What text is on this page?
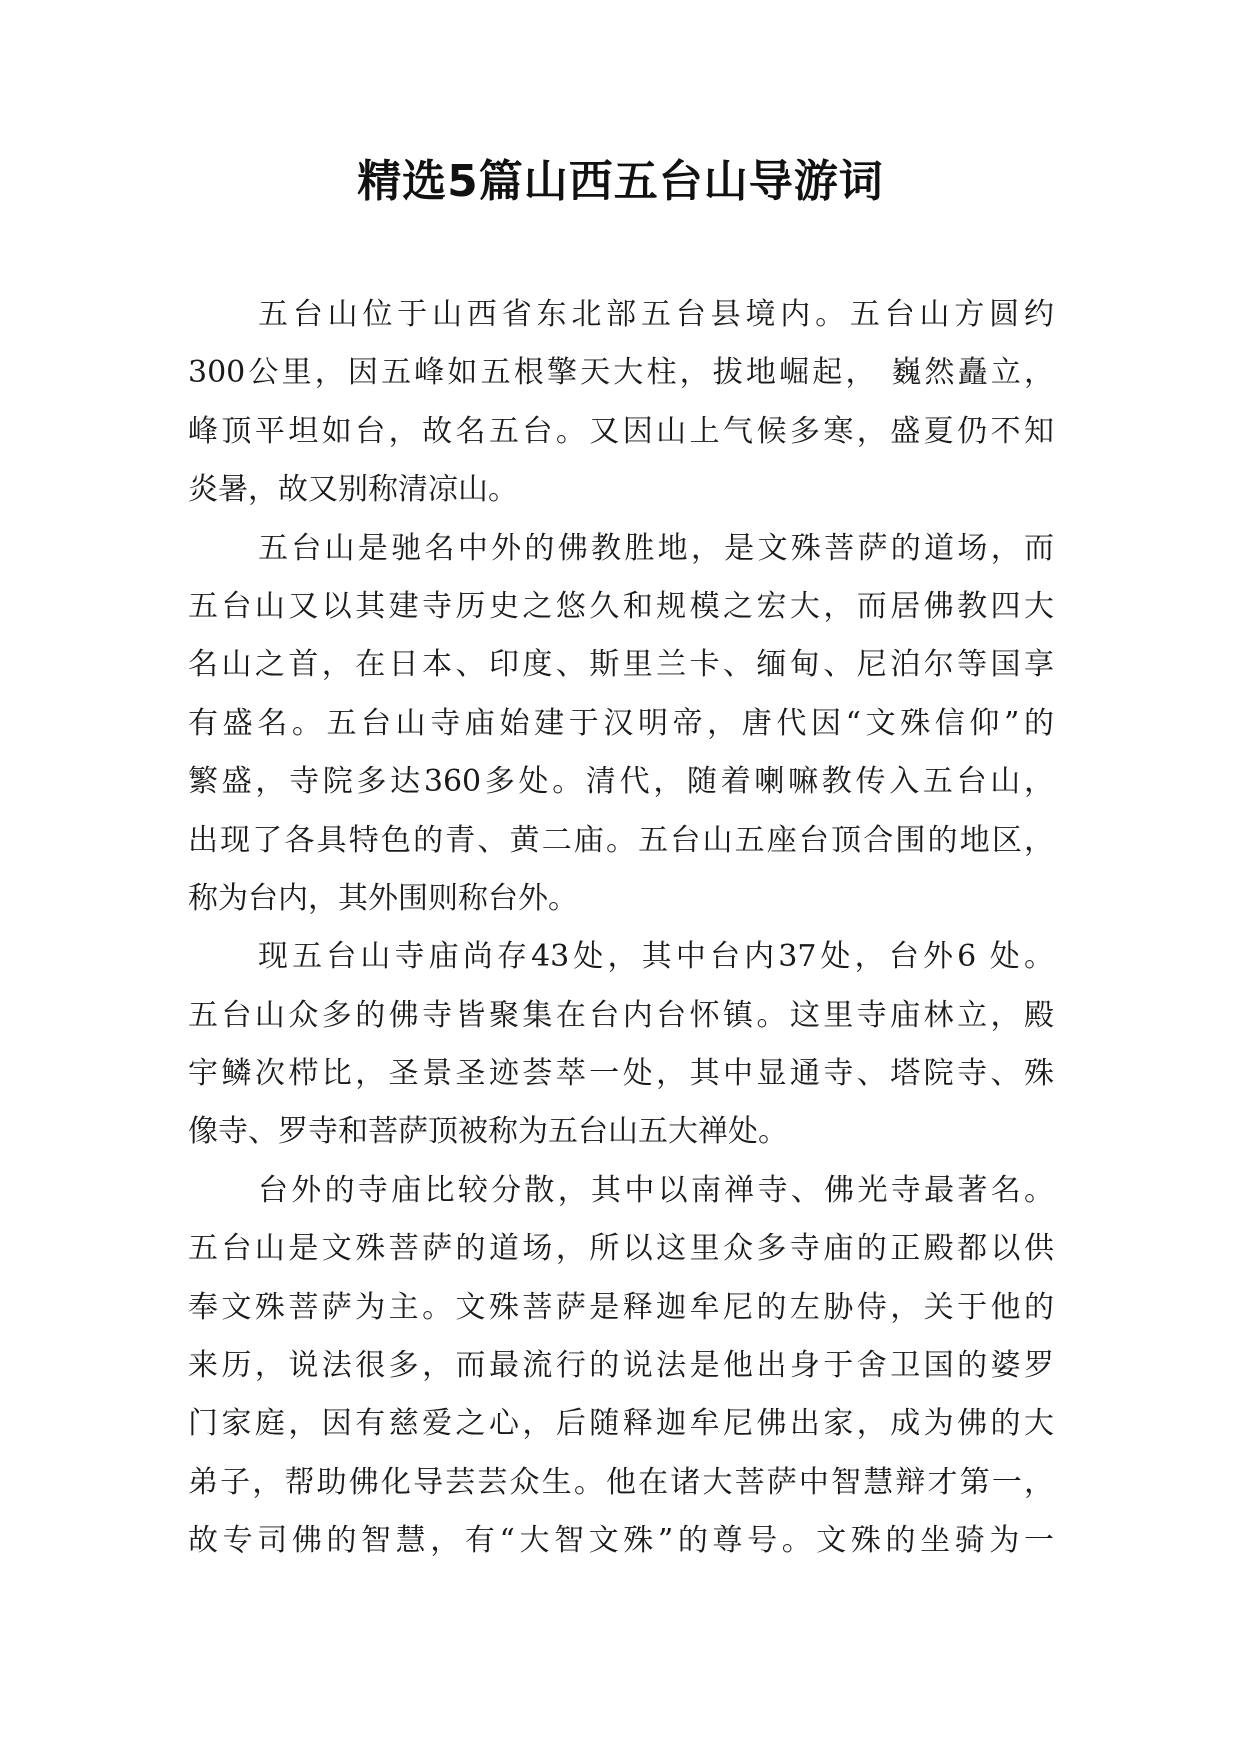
精选5篇山西五台山导游词
五台山位于山西省东北部五台县境内。五台山方圆约
300公里，因五峰如五根擎天大柱，拔地崛起， 巍然矗立，
峰顶平坦如台，故名五台。又因山上气候多寒，盛夏仍不知
炎暑，故又别称清凉山。
五台山是驰名中外的佛教胜地，是文殊菩萨的道场，而
五台山又以其建寺历史之悠久和规模之宏大，而居佛教四大
名山之首，在日本、印度、斯里兰卡、缅甸、尼泊尔等国享
有盛名。五台山寺庙始建于汉明帝，唐代因“文殊信仰”的
繁盛，寺院多达360多处。清代，随着喇嘛教传入五台山，
出现了各具特色的青、黄二庙。五台山五座台顶合围的地区，
称为台内，其外围则称台外。
现五台山寺庙尚存43处，其中台内37处，台外6 处。
五台山众多的佛寺皆聚集在台内台怀镇。这里寺庙林立，殿
宇鳞次栉比，圣景圣迹荟萃一处，其中显通寺、塔院寺、殊
像寺、罗寺和菩萨顶被称为五台山五大禅处。
台外的寺庙比较分散，其中以南禅寺、佛光寺最著名。
五台山是文殊菩萨的道场，所以这里众多寺庙的正殿都以供
奉文殊菩萨为主。文殊菩萨是释迦牟尼的左胁侍，关于他的
来历，说法很多，而最流行的说法是他出身于舍卫国的婆罗
门家庭，因有慈爱之心，后随释迦牟尼佛出家，成为佛的大
弟子，帮助佛化导芸芸众生。他在诸大菩萨中智慧辩才第一，
故专司佛的智慧，有“大智文殊”的尊号。文殊的坐骑为一
